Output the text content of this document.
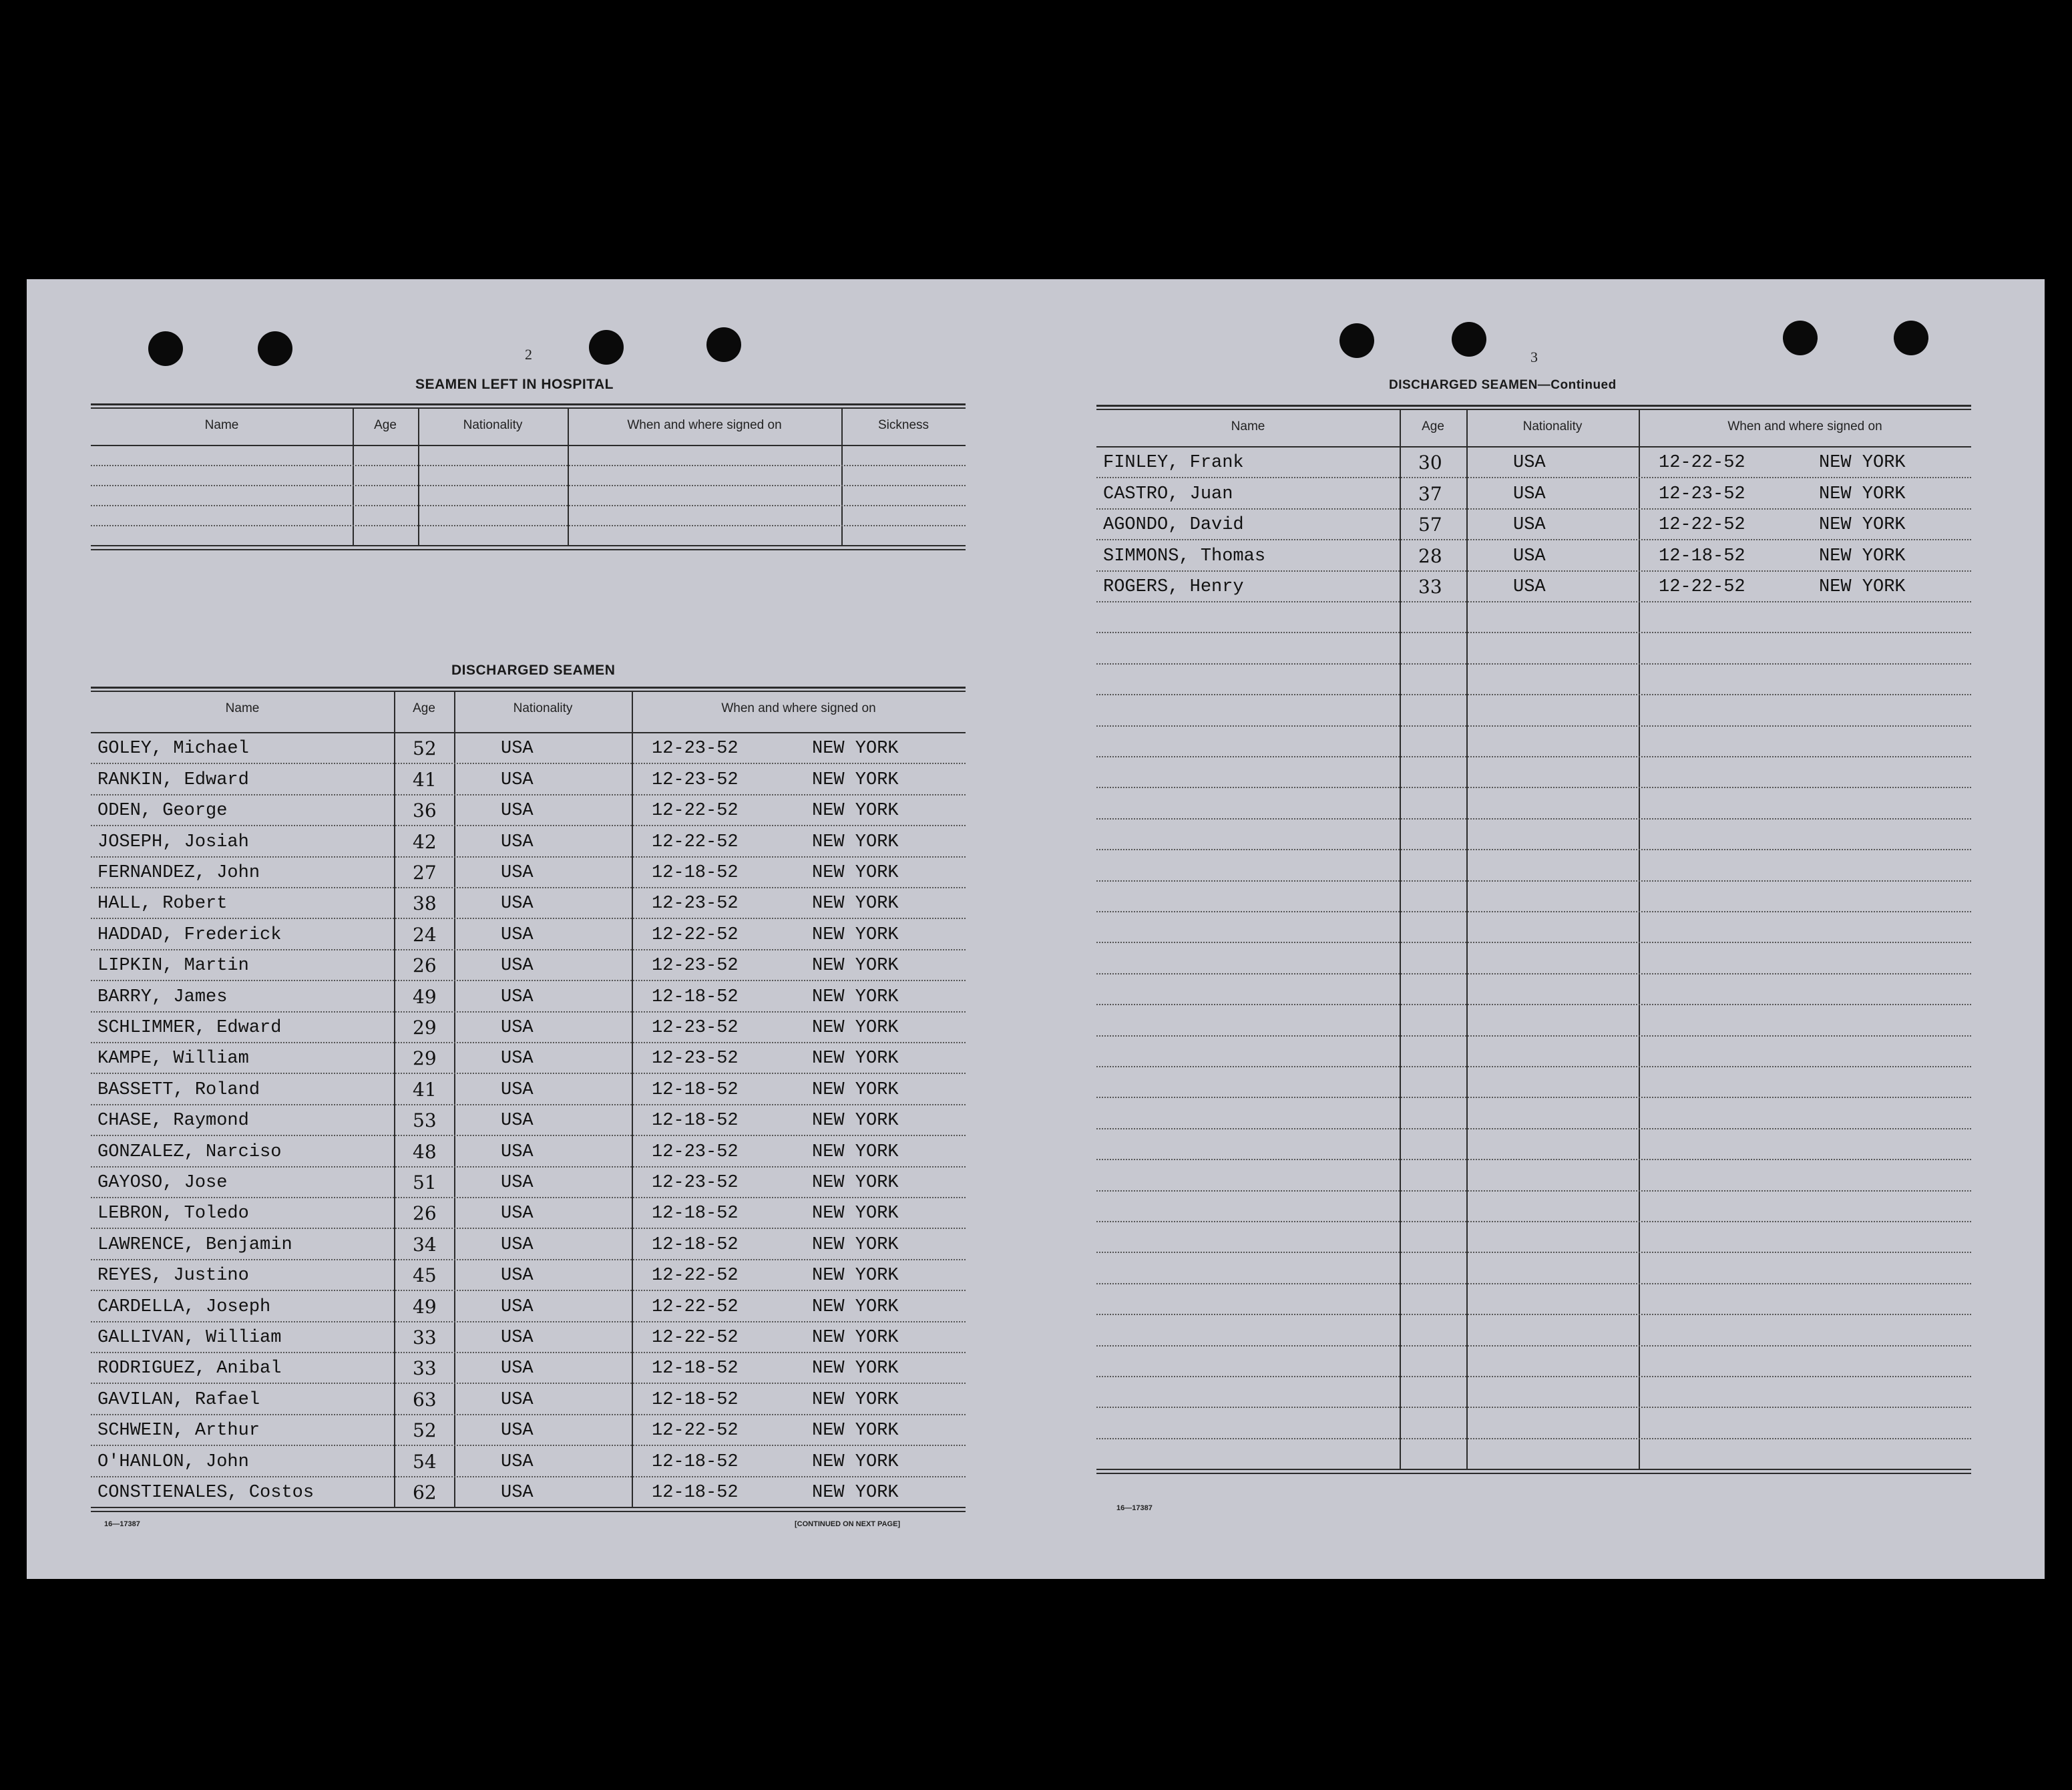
2
SEAMEN LEFT IN HOSPITAL
DISCHARGED SEAMEN
16—17387	[CONTINUED ON NEXT PAGE]
3
DISCHARGED SEAMEN—Continued
16—17387
Name	Age	Nationality	When and where signed on	Sickness
Name	Age	Nationality	When and where signed on
GOLEY, Michael	52	USA	12-23-52	NEW YORK
RANKIN, Edward	41	USA	12-23-52	NEW YORK
ODEN, George	36	USA	12-22-52	NEW YORK
JOSEPH, Josiah	42	USA	12-22-52	NEW YORK
FERNANDEZ, John	27	USA	12-18-52	NEW YORK
HALL, Robert	38	USA	12-23-52	NEW YORK
HADDAD, Frederick	24	USA	12-22-52	NEW YORK
LIPKIN, Martin	26	USA	12-23-52	NEW YORK
BARRY, James	49	USA	12-18-52	NEW YORK
SCHLIMMER, Edward	29	USA	12-23-52	NEW YORK
KAMPE, William	29	USA	12-23-52	NEW YORK
BASSETT, Roland	41	USA	12-18-52	NEW YORK
CHASE, Raymond	53	USA	12-18-52	NEW YORK
GONZALEZ, Narciso	48	USA	12-23-52	NEW YORK
GAYOSO, Jose	51	USA	12-23-52	NEW YORK
LEBRON, Toledo	26	USA	12-18-52	NEW YORK
LAWRENCE, Benjamin	34	USA	12-18-52	NEW YORK
REYES, Justino	45	USA	12-22-52	NEW YORK
CARDELLA, Joseph	49	USA	12-22-52	NEW YORK
GALLIVAN, William	33	USA	12-22-52	NEW YORK
RODRIGUEZ, Anibal	33	USA	12-18-52	NEW YORK
GAVILAN, Rafael	63	USA	12-18-52	NEW YORK
SCHWEIN, Arthur	52	USA	12-22-52	NEW YORK
O'HANLON, John	54	USA	12-18-52	NEW YORK
CONSTIENALES, Costos	62	USA	12-18-52	NEW YORK
Name	Age	Nationality	When and where signed on
FINLEY, Frank	30	USA	12-22-52	NEW YORK
CASTRO, Juan	37	USA	12-23-52	NEW YORK
AGONDO, David	57	USA	12-22-52	NEW YORK
SIMMONS, Thomas	28	USA	12-18-52	NEW YORK
ROGERS, Henry	33	USA	12-22-52	NEW YORK
